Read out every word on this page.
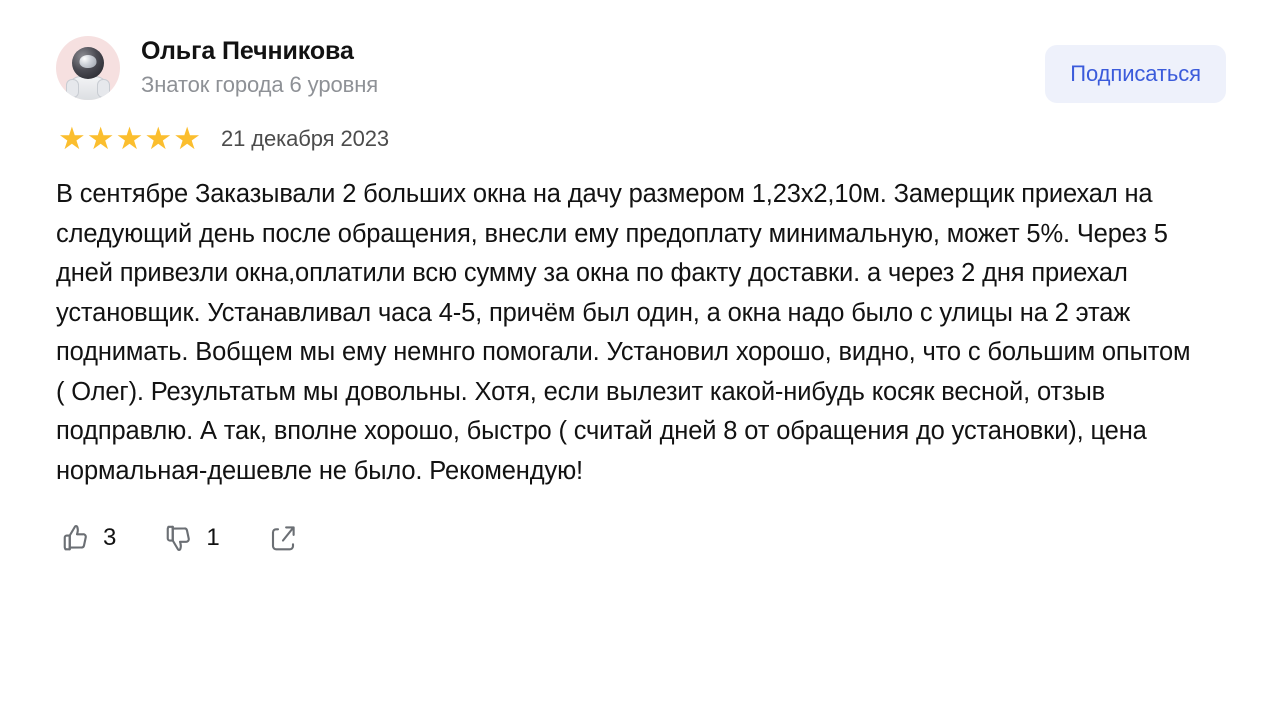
Ольга Печникова
Знаток города 6 уровня	Подписаться
★ ★ ★ ★ ★ 21 декабря 2023
В сентябре Заказывали 2 больших окна на дачу размером 1,23х2,10м. Замерщик приехал на следующий день после обращения, внесли ему предоплату минимальную, может 5%. Через 5 дней привезли окна,оплатили всю сумму за окна по факту доставки. а через 2 дня приехал установщик. Устанавливал часа 4-5, причём был один, а окна надо было с улицы на 2 этаж поднимать. Вобщем мы ему немнго помогали. Установил хорошо, видно, что с большим опытом ( Олег). Результатьм мы довольны. Хотя, если вылезит какой-нибудь косяк весной, отзыв подправлю. А так, вполне хорошо, быстро ( считай дней 8 от обращения до установки), цена нормальная-дешевле не было. Рекомендую!
3	1
